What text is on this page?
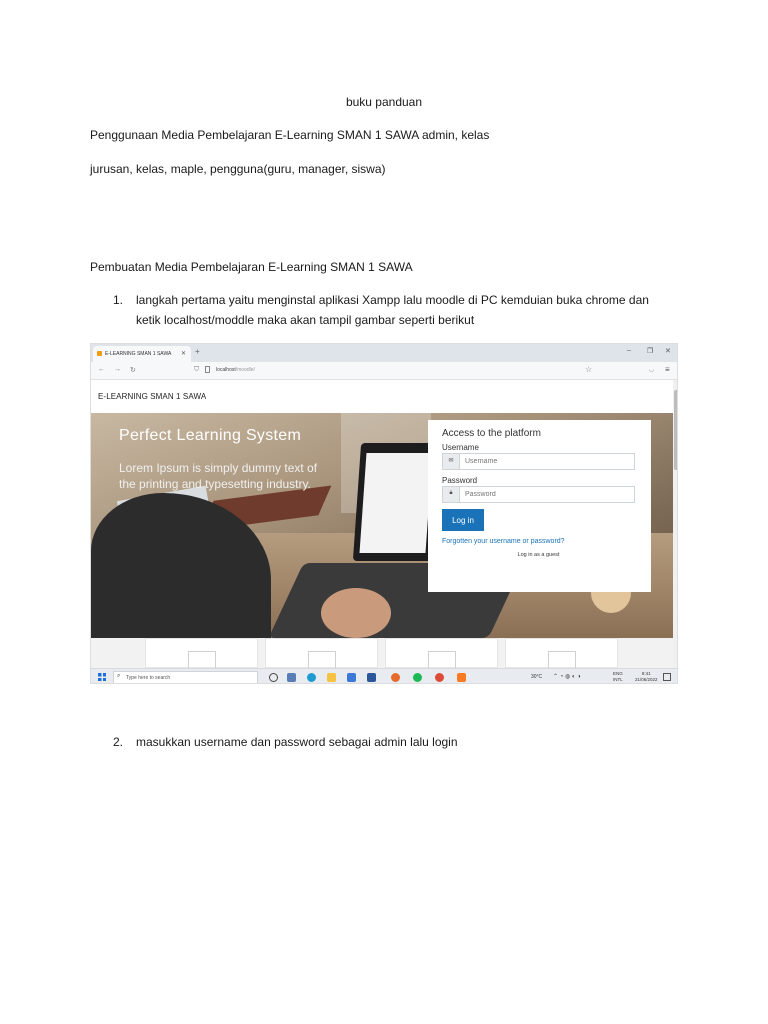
buku panduan
Penggunaan Media Pembelajaran E-Learning SMAN 1 SAWA admin, kelas
jurusan, kelas, maple, pengguna(guru, manager, siswa)
Pembuatan Media Pembelajaran E-Learning SMAN 1 SAWA
1. langkah pertama yaitu menginstal aplikasi Xampp lalu moodle di PC kemduian buka chrome dan
ketik localhost/moddle maka akan tampil gambar seperti berikut
E-LEARNING SMAN 1 SAWA ✕ +	– ❐ ✕
← → ↻	⛉	localhost/moodle/	☆	◡ ≡
E-LEARNING SMAN 1 SAWA
Perfect Learning System
Lorem Ipsum is simply dummy text of
the printing and typesetting industry.
Access to the platform
Username
✉
Username
Password
🔒︎
Log in
Forgotten your username or password?
Log in as a guest
⌕ Type here to search	30°C ⌃ ◔ ◍ ◐ ◑
ENG
INTL
8:41
21/06/2022
2. masukkan username dan password sebagai admin lalu login
